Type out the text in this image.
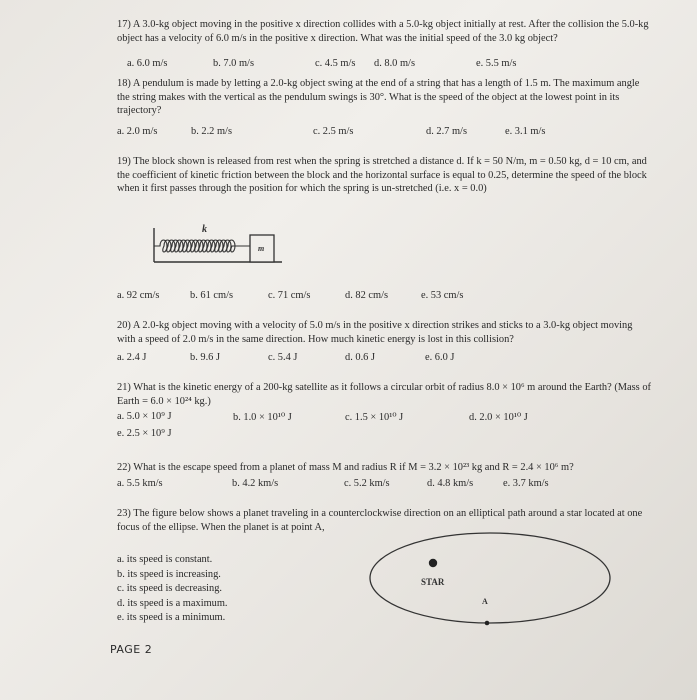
17) A 3.0-kg object moving in the positive x direction collides with a 5.0-kg object initially at rest. After the collision the 5.0-kg object has a velocity of 6.0 m/s in the positive x direction. What was the initial speed of the 3.0 kg object?

a. 6.0 m/s	b. 7.0 m/s	c. 4.5 m/s d. 8.0 m/s	e. 5.5 m/s

18) A pendulum is made by letting a 2.0-kg object swing at the end of a string that has a length of 1.5 m. The maximum angle the string makes with the vertical as the pendulum swings is 30°. What is the speed of the object at the lowest point in its trajectory?

a. 2.0 m/s	b. 2.2 m/s	c. 2.5 m/s	d. 2.7 m/s	e. 3.1 m/s

19) The block shown is released from rest when the spring is stretched a distance d. If k = 50 N/m, m = 0.50 kg, d = 10 cm, and the coefficient of kinetic friction between the block and the horizontal surface is equal to 0.25, determine the speed of the block when it first passes through the position for which the spring is un-stretched (i.e. x = 0.0)

k
m
a. 92 cm/s	b. 61 cm/s	c. 71 cm/s	d. 82 cm/s	e. 53 cm/s

20) A 2.0-kg object moving with a velocity of 5.0 m/s in the positive x direction strikes and sticks to a 3.0-kg object moving with a speed of 2.0 m/s in the same direction. How much kinetic energy is lost in this collision?

a. 2.4 J	b. 9.6 J	c. 5.4 J	d. 0.6 J	e. 6.0 J

21) What is the kinetic energy of a 200-kg satellite as it follows a circular orbit of radius 8.0 × 10⁶ m around the Earth? (Mass of Earth = 6.0 × 10²⁴ kg.)

a. 5.0 × 10⁹ J	b. 1.0 × 10¹⁰ J	c. 1.5 × 10¹⁰ J	d. 2.0 × 10¹⁰ J
e. 2.5 × 10⁹ J

22) What is the escape speed from a planet of mass M and radius R if M = 3.2 × 10²³ kg and R = 2.4 × 10⁶ m?

a. 5.5 km/s	b. 4.2 km/s	c. 5.2 km/s	d. 4.8 km/s	e. 3.7 km/s

23) The figure below shows a planet traveling in a counterclockwise direction on an elliptical path around a star located at one focus of the ellipse. When the planet is at point A,

a. its speed is constant.
b. its speed is increasing.
c. its speed is decreasing.
d. its speed is a maximum.
e. its speed is a minimum.
STAR
A
PAGE 2
